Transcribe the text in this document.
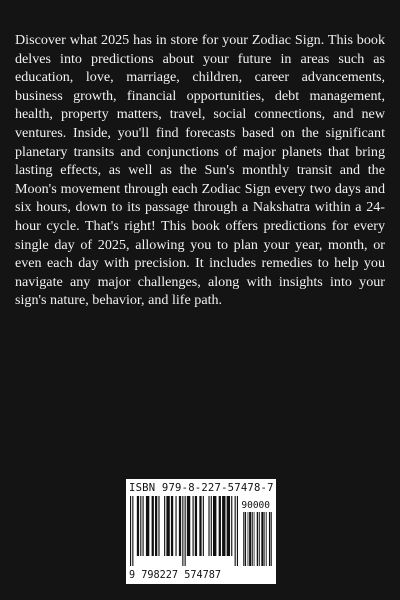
Discover what 2025 has in store for your Zodiac Sign. This book delves into predictions about your future in areas such as education, love, marriage, children, career advancements, business growth, financial opportunities, debt management, health, property matters, travel, social connections, and new ventures. Inside, you'll find forecasts based on the significant planetary transits and conjunctions of major planets that bring lasting effects, as well as the Sun's monthly transit and the Moon's movement through each Zodiac Sign every two days and six hours, down to its passage through a Nakshatra within a 24-hour cycle. That's right! This book offers predictions for every single day of 2025, allowing you to plan your year, month, or even each day with precision. It includes remedies to help you navigate any major challenges, along with insights into your sign's nature, behavior, and life path.

ISBN 979-8-227-57478-7
90000
9 798227 574787
